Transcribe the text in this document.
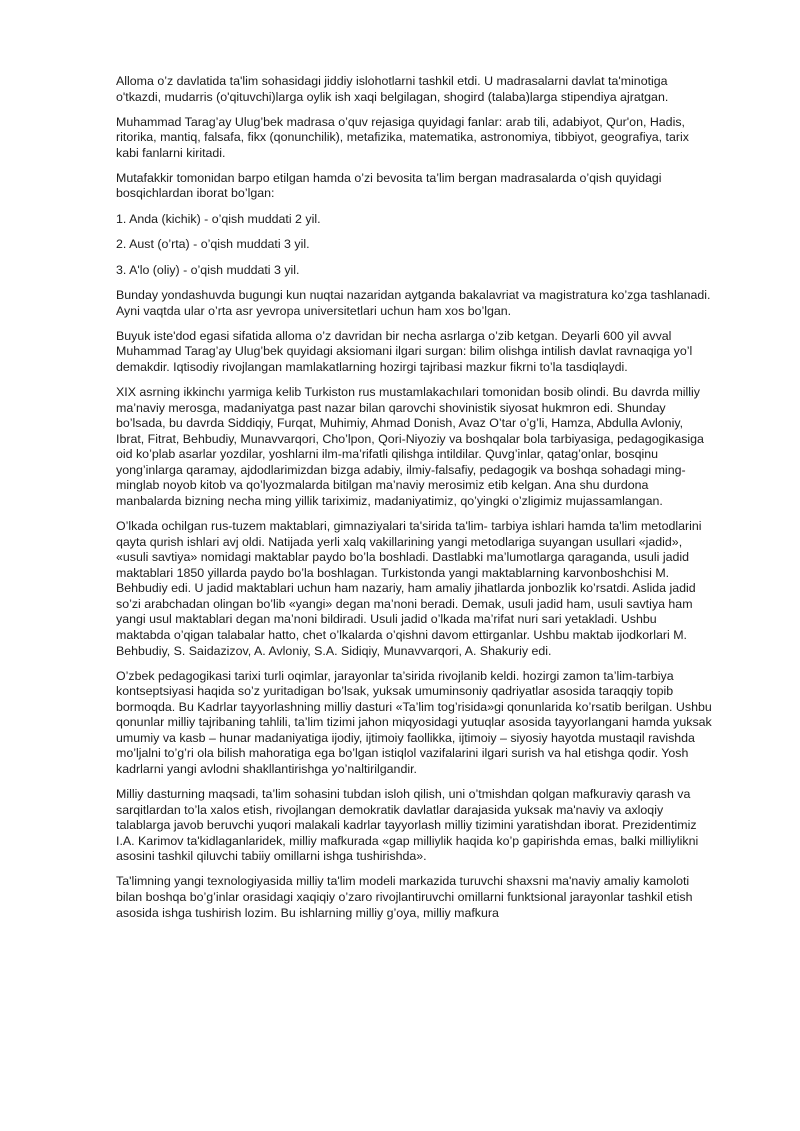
Alloma o’z davlatida ta'lim sohasidagi jiddiy islohotlarni tashkil etdi. U madrasalarni davlat ta'minotiga o'tkazdi, mudarris (o'qituvchi)larga oylik ish xaqi belgilagan, shogird (talaba)larga stipendiya ajratgan.

Muhammad Tarag’ay Ulug’bek madrasa o’quv rejasiga quyidagi fanlar: arab tili, adabiyot, Qur'on, Hadis, ritorika, mantiq, falsafa, fikx (qonunchilik), metafizika, matematika, astronomiya, tibbiyot, geografiya, tarix kabi fanlarni kiritadi.

Mutafakkir tomonidan barpo etilgan hamda o’zi bevosita ta’lim bergan madrasalarda o’qish quyidagi bosqichlardan iborat bo’lgan:

1. Anda (kichik) - o’qish muddati 2 yil.

2. Aust (o’rta) - o’qish muddati 3 yil.

3. A'lo (oliy) - o’qish muddati 3 yil.

Bunday yondashuvda bugungi kun nuqtai nazaridan aytganda bakalavriat va magistratura ko’zga tashlanadi. Ayni vaqtda ular o’rta asr yevropa universitetlari uchun ham xos bo’lgan.

Buyuk iste'dod egasi sifatida alloma o’z davridan bir necha asrlarga o’zib ketgan. Deyarli 600 yil avval Muhammad Tarag’ay Ulug’bek quyidagi aksiomani ilgari surgan: bilim olishga intilish davlat ravnaqiga yo’l demakdir. Iqtisodiy rivojlangan mamlakatlarning hozirgi tajribasi mazkur fikrni to’la tasdiqlaydi.

XIX asrning ikkinchı yarmiga kelib Turkiston rus mustamlakachılari tomonidan bosib olindi. Bu davrda milliy ma’naviy merosga, madaniyatga past nazar bilan qarovchi shovinistik siyosat hukmron edi. Shunday bo’lsada, bu davrda Siddiqiy, Furqat, Muhimiy, Ahmad Donish, Avaz O’tar o’g’li, Hamza, Abdulla Avloniy, Ibrat, Fitrat, Behbudiy, Munavvarqori, Cho’lpon, Qori-Niyoziy va boshqalar bola tarbiyasiga, pedagogikasiga oid ko’plab asarlar yozdilar, yoshlarni ilm-ma’rifatli qilishga intildilar. Quvg’inlar, qatag’onlar, bosqinu yong’inlarga qaramay, ajdodlarimizdan bizga adabiy, ilmiy-falsafiy, pedagogik va boshqa sohadagi ming-minglab noyob kitob va qo’lyozmalarda bitilgan ma’naviy merosimiz etib kelgan. Ana shu durdona manbalarda bizning necha ming yillik tariximiz, madaniyatimiz, qo’yingki o’zligimiz mujassamlangan.

O’lkada ochilgan rus-tuzem maktablari, gimnaziyalari ta'sirida ta'lim- tarbiya ishlari hamda ta'lim metodlarini qayta qurish ishlari avj oldi. Natijada yerli xalq vakillarining yangi metodlariga suyangan usullari «jadid», «usuli savtiya» nomidagi maktablar paydo bo’la boshladi. Dastlabki ma’lumotlarga qaraganda, usuli jadid maktablari 1850 yillarda paydo bo’la boshlagan. Turkistonda yangi maktablarning karvonboshchisi M. Behbudiy edi. U jadid maktablari uchun ham nazariy, ham amaliy jihatlarda jonbozlik ko’rsatdi. Aslida jadid so’zi arabchadan olingan bo’lib «yangi» degan ma’noni beradi. Demak, usuli jadid ham, usuli savtiya ham yangi usul maktablari degan ma’noni bildiradi. Usuli jadid o’lkada ma’rifat nuri sari yetakladi. Ushbu maktabda o’qigan talabalar hatto, chet o’lkalarda o’qishni davom ettirganlar. Ushbu maktab ijodkorlari M. Behbudiy, S. Saidazizov, A. Avloniy, S.A. Sidiqiy, Munavvarqori, A. Shakuriy edi.

O’zbek pedagogikasi tarixi turli oqimlar, jarayonlar ta’sirida rivojlanib keldi. hozirgi zamon ta’lim-tarbiya kontseptsiyasi haqida so’z yuritadigan bo’lsak, yuksak umuminsoniy qadriyatlar asosida taraqqiy topib bormoqda. Bu Kadrlar tayyorlashning milliy dasturi «Ta’lim tog’risida»gi qonunlarida ko’rsatib berilgan. Ushbu qonunlar milliy tajribaning tahlili, ta’lim tizimi jahon miqyosidagi yutuqlar asosida tayyorlangani hamda yuksak umumiy va kasb – hunar madaniyatiga ijodiy, ijtimoiy faollikka, ijtimoiy – siyosiy hayotda mustaqil ravishda mo’ljalni to’g’ri ola bilish mahoratiga ega bo’lgan istiqlol vazifalarini ilgari surish va hal etishga qodir. Yosh kadrlarni yangi avlodni shakllantirishga yo’naltirilgandir.

Milliy dasturning maqsadi, ta’lim sohasini tubdan isloh qilish, uni o’tmishdan qolgan mafkuraviy qarash va sarqitlardan to’la xalos etish, rivojlangan demokratik davlatlar darajasida yuksak ma'naviy va axloqiy talablarga javob beruvchi yuqori malakali kadrlar tayyorlash milliy tizimini yaratishdan iborat. Prezidentimiz I.A. Karimov ta'kidlaganlaridek, milliy mafkurada «gap milliylik haqida ko’p gapirishda emas, balki milliylikni asosini tashkil qiluvchi tabiiy omillarni ishga tushirishda».

Ta'limning yangi texnologiyasida milliy ta'lim modeli markazida turuvchi shaxsni ma'naviy amaliy kamoloti bilan boshqa bo’g’inlar orasidagi xaqiqiy o’zaro rivojlantiruvchi omillarni funktsional jarayonlar tashkil etish asosida ishga tushirish lozim. Bu ishlarning milliy g’oya, milliy mafkura
